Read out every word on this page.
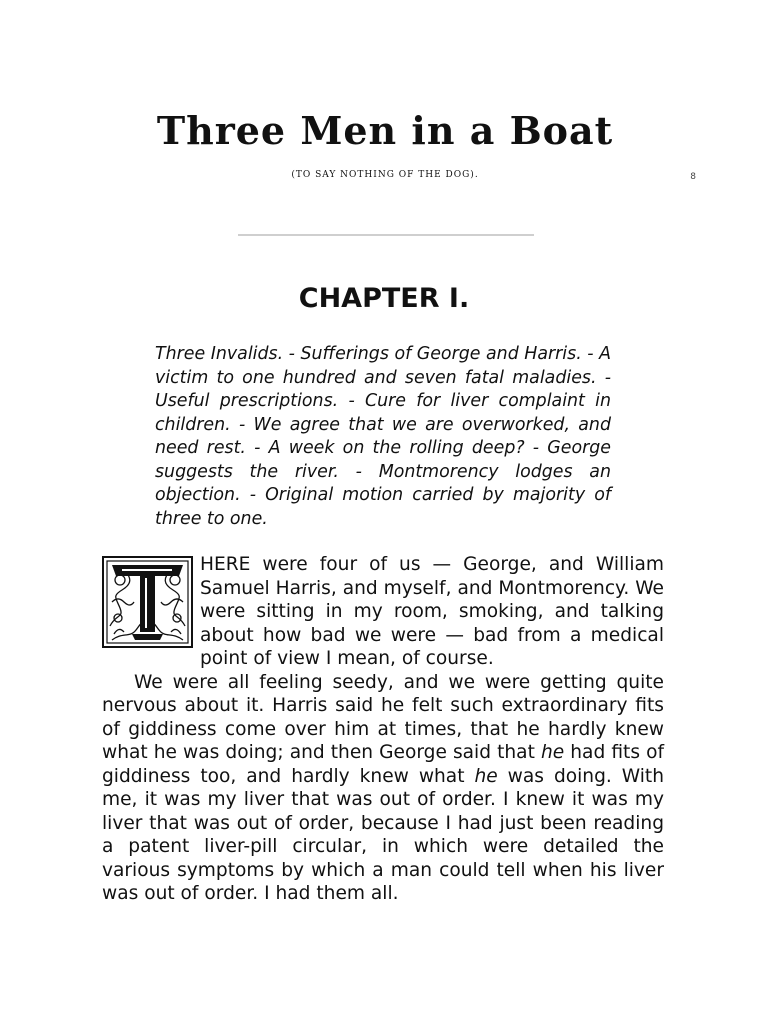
Three Men in a Boat
(TO SAY NOTHING OF THE DOG).	8
CHAPTER I.
Three Invalids. - Sufferings of George and Harris. - A victim to one hundred and seven fatal maladies. - Useful prescriptions. - Cure for liver complaint in children. - We agree that we are overworked, and need rest. - A week on the rolling deep? - George suggests the river. - Montmorency lodges an objection. - Original motion carried by majority of three to one.

HERE were four of us — George, and William Samuel Harris, and myself, and Montmorency. We were sitting in my room, smoking, and talking about how bad we were — bad from a medical point of view I mean, of course.

We were all feeling seedy, and we were getting quite nervous about it. Harris said he felt such extraordinary fits of giddiness come over him at times, that he hardly knew what he was doing; and then George said that he had fits of giddiness too, and hardly knew what he was doing. With me, it was my liver that was out of order. I knew it was my liver that was out of order, because I had just been reading a patent liver-pill circular, in which were detailed the various symptoms by which a man could tell when his liver was out of order. I had them all.
